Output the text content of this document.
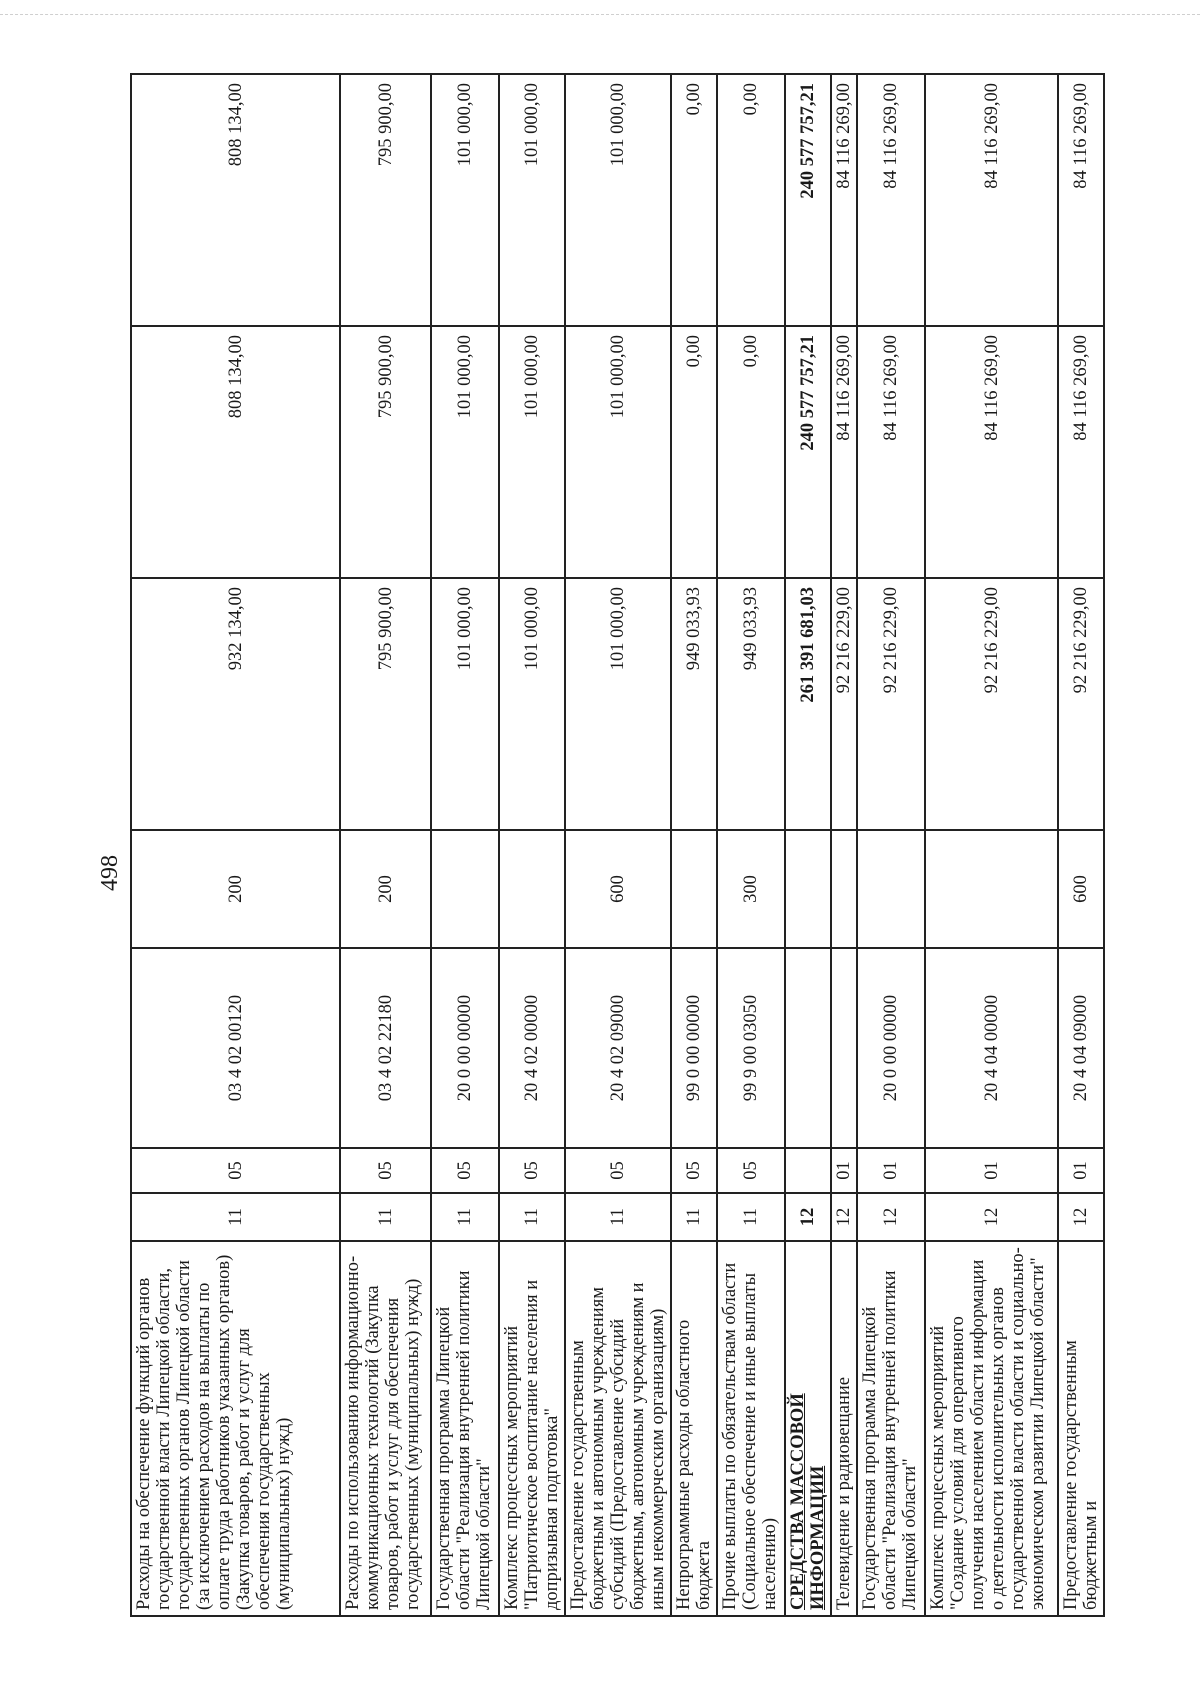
498
Расходы на обеспечение функций органов государственной власти Липецкой области, государственных органов Липецкой области (за исключением расходов на выплаты по оплате труда работников указанных органов) (Закупка товаров, работ и услуг для обеспечения государственных (муниципальных) нужд)	11	05	03 4 02 00120	200	932 134,00	808 134,00	808 134,00
Расходы по использованию информационно-коммуникационных технологий (Закупка товаров, работ и услуг для обеспечения государственных (муниципальных) нужд)	11	05	03 4 02 22180	200	795 900,00	795 900,00	795 900,00
Государственная программа Липецкой области "Реализация внутренней политики Липецкой области"	11	05	20 0 00 00000		101 000,00	101 000,00	101 000,00
Комплекс процессных мероприятий "Патриотическое воспитание населения и допризывная подготовка"	11	05	20 4 02 00000		101 000,00	101 000,00	101 000,00
Предоставление государственным бюджетным и автономным учреждениям субсидий (Предоставление субсидий бюджетным, автономным учреждениям и иным некоммерческим организациям)	11	05	20 4 02 09000	600	101 000,00	101 000,00	101 000,00
Непрограммные расходы областного бюджета	11	05	99 0 00 00000		949 033,93	0,00	0,00
Прочие выплаты по обязательствам области (Социальное обеспечение и иные выплаты населению)	11	05	99 9 00 03050	300	949 033,93	0,00	0,00
СРЕДСТВА МАССОВОЙ ИНФОРМАЦИИ	12				261 391 681,03	240 577 757,21	240 577 757,21
Телевидение и радиовещание	12	01			92 216 229,00	84 116 269,00	84 116 269,00
Государственная программа Липецкой области "Реализация внутренней политики Липецкой области"	12	01	20 0 00 00000		92 216 229,00	84 116 269,00	84 116 269,00
Комплекс процессных мероприятий "Создание условий для оперативного получения населением области информации о деятельности исполнительных органов государственной власти области и социально-экономическом развитии Липецкой области"	12	01	20 4 04 00000		92 216 229,00	84 116 269,00	84 116 269,00
Предоставление государственным бюджетным и	12	01	20 4 04 09000	600	92 216 229,00	84 116 269,00	84 116 269,00
